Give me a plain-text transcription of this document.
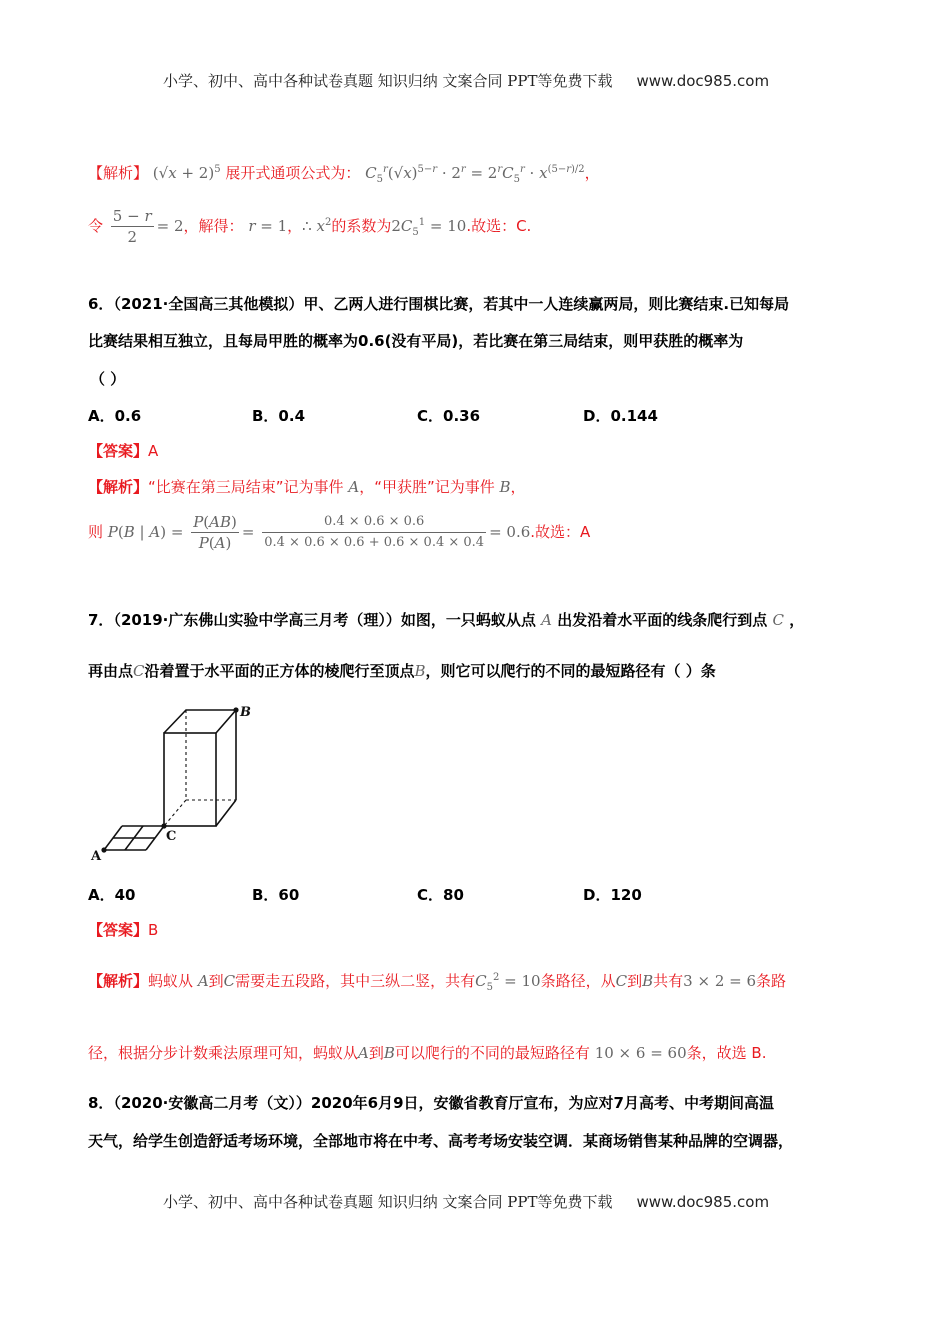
小学、初中、高中各种试卷真题 知识归纳 文案合同 PPT等免费下载 www.doc985.com
【解析】 $(√x + 2)^5$ 展开式通项公式为： $C_5^r(√x)^{5-r} \cdot 2^r = 2^rC_5^r \cdot x^{(5-r)/2}$，
令 $\frac{5 - r}{2} = 2$，解得： r = 1，∴ $x^2$的系数为$2C_5^1 = 10$.故选：C.
6．（2021·全国高三其他模拟）甲、乙两人进行围棋比赛，若其中一人连续赢两局，则比赛结束.已知每局
比赛结果相互独立，且每局甲胜的概率为0.6(没有平局)，若比赛在第三局结束，则甲获胜的概率为
（ ）
A．0.6	B．0.4	C．0.36	D．0.144
【答案】A
【解析】“比赛在第三局结束”记为事件 A，“甲获胜”记为事件 B，
则 P(B | $A) = \frac{P(AB)}{P(A)} = \frac{0.4 \times 0.6 \times 0.6}{0.4 \times 0.6 \times 0.6 + 0.6 \times 0.4 \times 0.4} = 0.6$.故选：A
7．（2019·广东佛山实验中学高三月考（理））如图，一只蚂蚁从点 A 出发沿着水平面的线条爬行到点 C ，
再由点C沿着置于水平面的正方体的棱爬行至顶点B，则它可以爬行的不同的最短路径有（ ）条
B
C
A
A．40	B．60	C．80	D．120
【答案】B
【解析】蚂蚁从 A到C需要走五段路，其中三纵二竖，共有$C_5^2 = 10$条路径，从C到B共有3 × 2 = 6条路
径，根据分步计数乘法原理可知，蚂蚁从A到B可以爬行的不同的最短路径有 10 × 6 = 60条，故选 B.
8．（2020·安徽高二月考（文））2020年6月9日，安徽省教育厅宣布，为应对7月高考、中考期间高温
天气，给学生创造舒适考场环境，全部地市将在中考、高考考场安装空调．某商场销售某种品牌的空调器，
小学、初中、高中各种试卷真题 知识归纳 文案合同 PPT等免费下载 www.doc985.com
